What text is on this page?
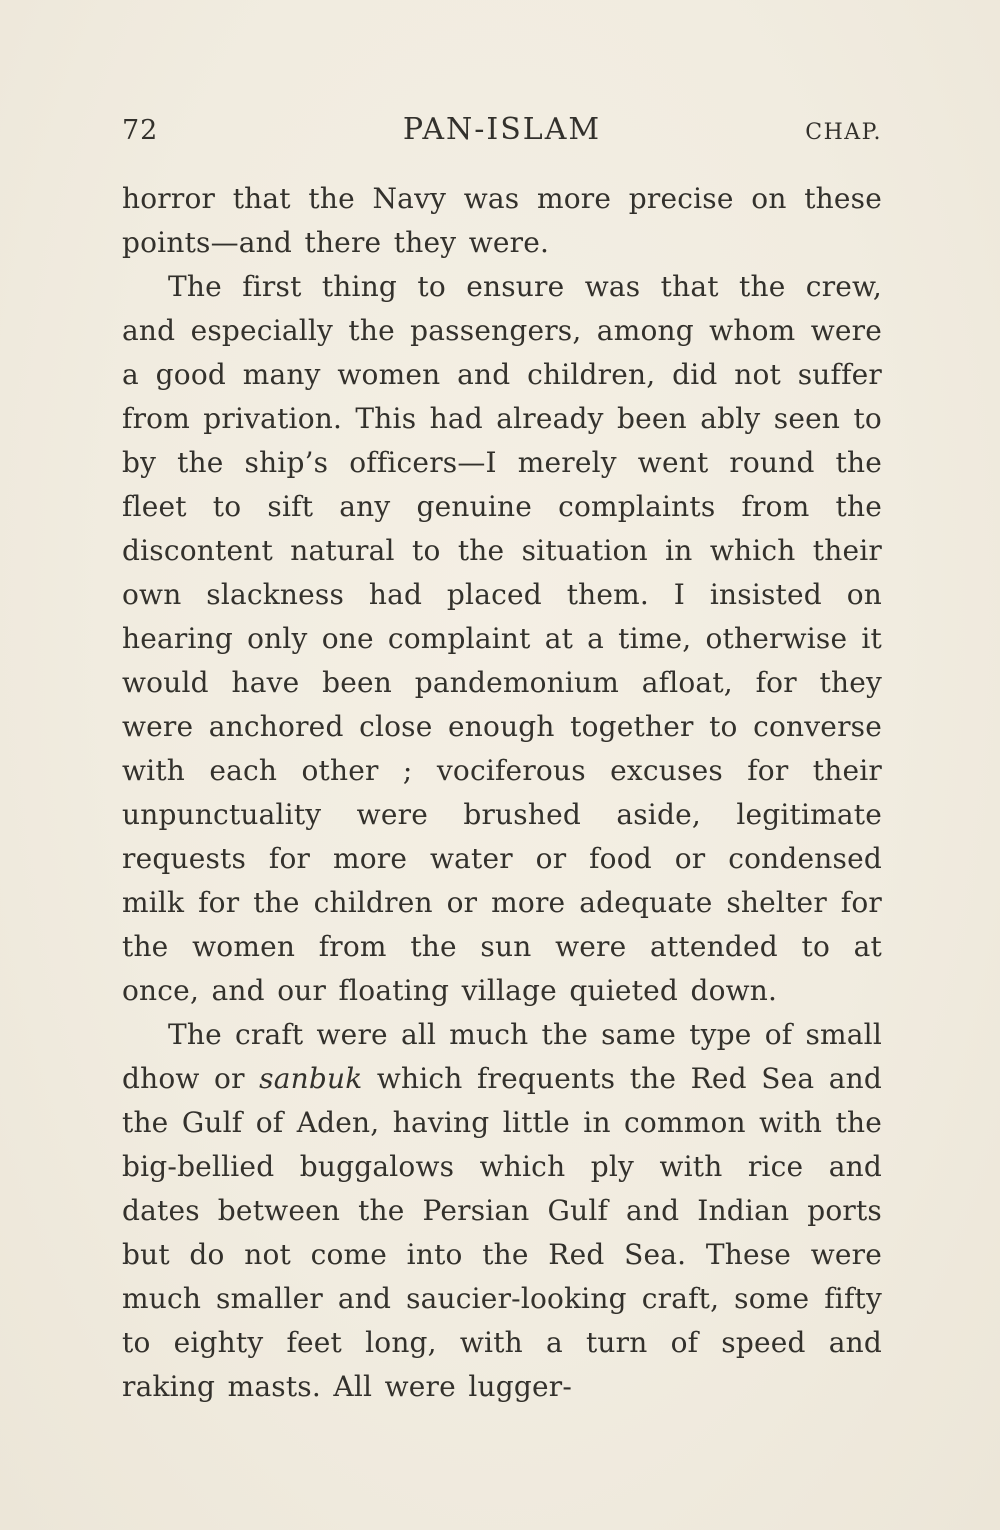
72	PAN-ISLAM	CHAP.

horror that the Navy was more precise on these points—and there they were.

The first thing to ensure was that the crew, and especially the passengers, among whom were a good many women and children, did not suffer from privation. This had already been ably seen to by the ship’s officers—I merely went round the fleet to sift any genuine complaints from the discontent natural to the situation in which their own slackness had placed them. I insisted on hearing only one complaint at a time, otherwise it would have been pandemonium afloat, for they were anchored close enough together to converse with each other ; vociferous excuses for their unpunctuality were brushed aside, legitimate requests for more water or food or condensed milk for the children or more adequate shelter for the women from the sun were attended to at once, and our floating village quieted down.

The craft were all much the same type of small dhow or sanbuk which frequents the Red Sea and the Gulf of Aden, having little in common with the big-bellied buggalows which ply with rice and dates between the Persian Gulf and Indian ports but do not come into the Red Sea. These were much smaller and saucier-looking craft, some fifty to eighty feet long, with a turn of speed and raking masts. All were lugger-
